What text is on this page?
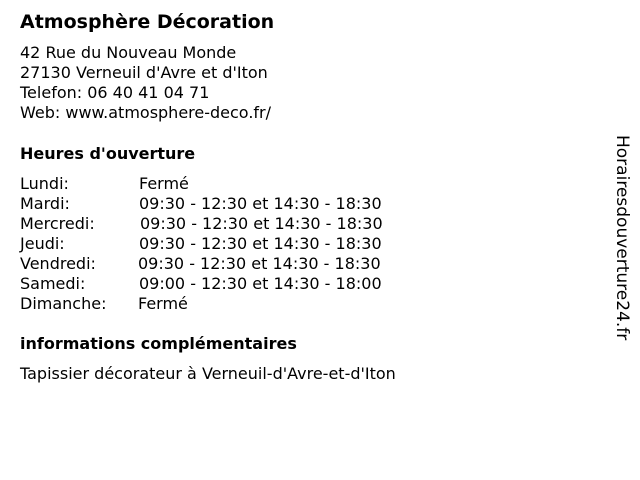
Atmosphère Décoration
42 Rue du Nouveau Monde
27130 Verneuil d'Avre et d'Iton
Telefon: 06 40 41 04 71
Web: www.atmosphere-deco.fr/
Heures d'ouverture
Lundi:	Fermé
Mardi:	09:30 - 12:30 et 14:30 - 18:30
Mercredi:	09:30 - 12:30 et 14:30 - 18:30
Jeudi:	09:30 - 12:30 et 14:30 - 18:30
Vendredi:	09:30 - 12:30 et 14:30 - 18:30
Samedi:	09:00 - 12:30 et 14:30 - 18:00
Dimanche: Fermé
informations complémentaires
Tapissier décorateur à Verneuil-d'Avre-et-d'Iton
Horairesdouverture24.fr
